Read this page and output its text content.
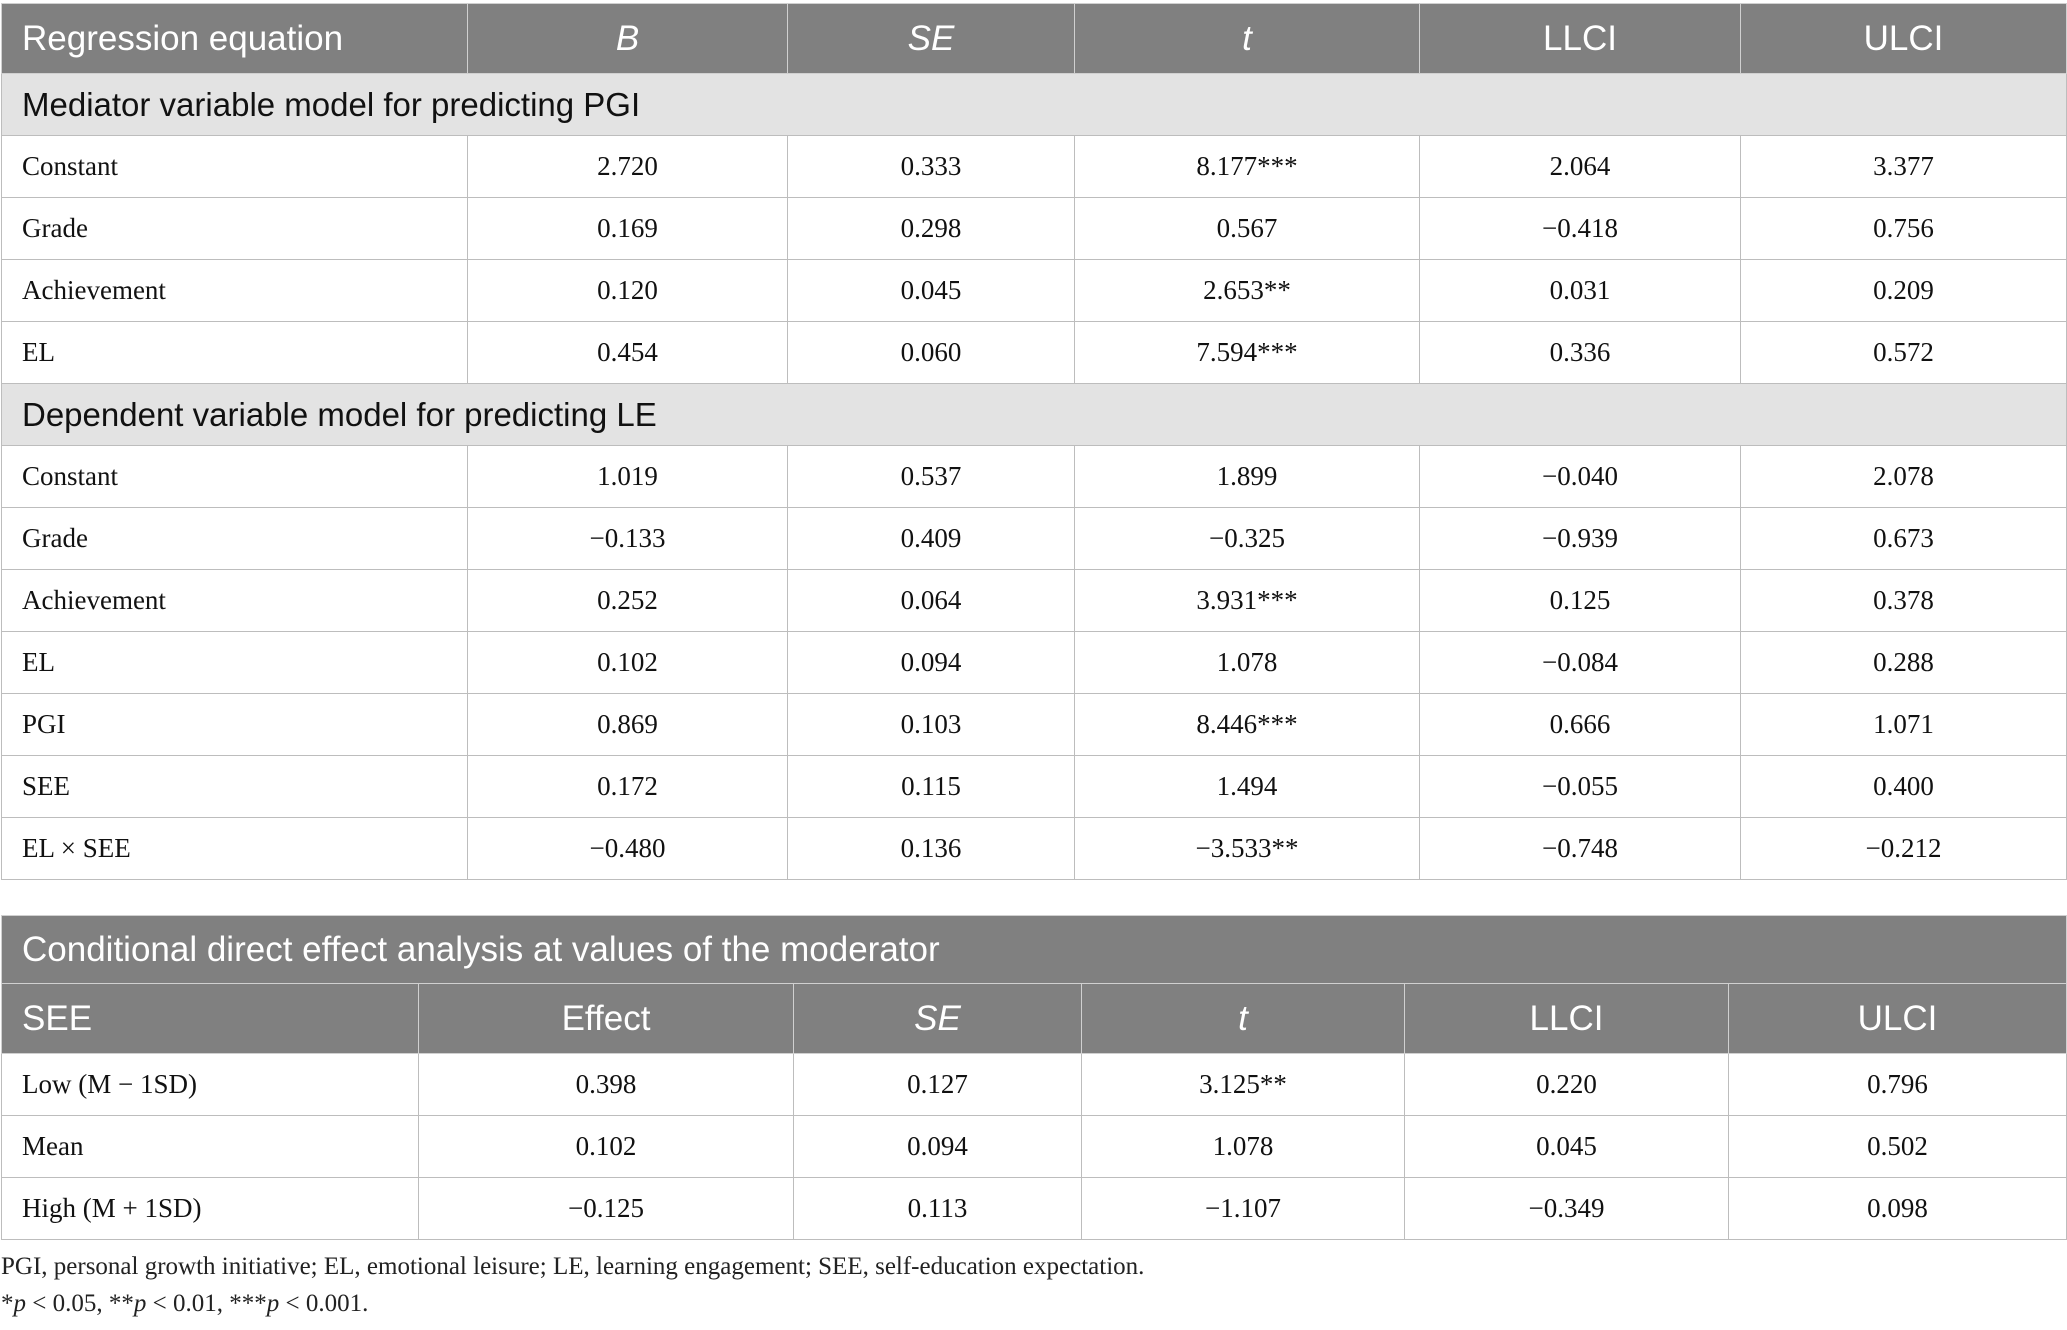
Regression equation	B	SE	t	LLCI	ULCI
Mediator variable model for predicting PGI					
Constant	2.720	0.333	8.177***	2.064	3.377
Grade	0.169	0.298	0.567	−0.418	0.756
Achievement	0.120	0.045	2.653**	0.031	0.209
EL	0.454	0.060	7.594***	0.336	0.572
Dependent variable model for predicting LE					
Constant	1.019	0.537	1.899	−0.040	2.078
Grade	−0.133	0.409	−0.325	−0.939	0.673
Achievement	0.252	0.064	3.931***	0.125	0.378
EL	0.102	0.094	1.078	−0.084	0.288
PGI	0.869	0.103	8.446***	0.666	1.071
SEE	0.172	0.115	1.494	−0.055	0.400
EL × SEE	−0.480	0.136	−3.533**	−0.748	−0.212
Conditional direct effect analysis at values of the moderator					
SEE	Effect	SE	t	LLCI	ULCI
Low (M − 1SD)	0.398	0.127	3.125**	0.220	0.796
Mean	0.102	0.094	1.078	0.045	0.502
High (M + 1SD)	−0.125	0.113	−1.107	−0.349	0.098
PGI, personal growth initiative; EL, emotional leisure; LE, learning engagement; SEE, self-education expectation.
*p < 0.05, **p < 0.01, ***p < 0.001.
